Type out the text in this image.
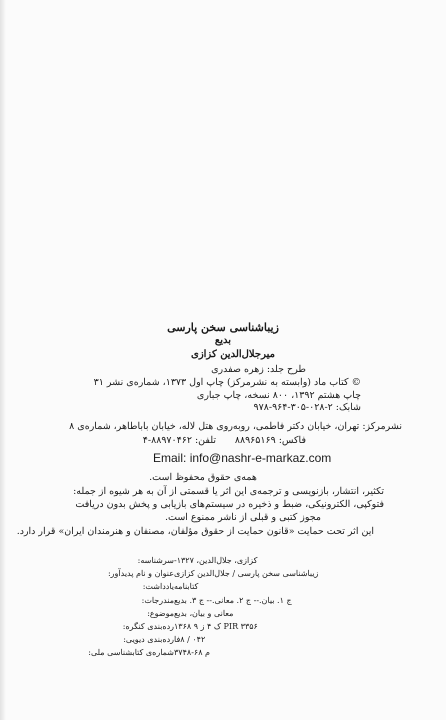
زیباشناسی سخن پارسی
بدیع
میرجلال‌الدین کزازی
طرح جلد: زهره صفدری
© کتاب ماد (وابسته به نشرمرکز) چاپ اول ۱۳۷۳، شماره‌ی نشر ۳۱
چاپ هشتم ۱۳۹۲، ۸۰۰ نسخه، چاپ جباری
شابک: ۲-۰۲۸-۳۰۵-۹۶۴-۹۷۸
نشرمرکز: تهران، خیابان دکتر فاطمی، روبه‌روی هتل لاله، خیابان باباطاهر، شماره‌ی ۸
تلفن: ۸۸۹۷۰۴۶۲-۴ فاکس: ۸۸۹۶۵۱۶۹
Email: info@nashr-e-markaz.com
همه‌ی حقوق محفوظ است.
تکثیر، انتشار، بازنویسی و ترجمه‌ی این اثر یا قسمتی از آن به هر شیوه از جمله:
فتوکپی، الکترونیکی، ضبط و ذخیره در سیستم‌های بازیابی و پخش بدون دریافت
مجوز کتبی و قبلی از ناشر ممنوع است.
این اثر تحت حمایت «قانون حمایت از حقوق مؤلفان، مصنفان و هنرمندان ایران» قرار دارد.
سرشناسه: کزازی، جلال‌الدین، ۱۳۲۷-
عنوان و نام پدیدآور: زیباشناسی سخن پارسی / جلال‌الدین کزازی
یادداشت: کتابنامه
مندرجات: ج ۱. بیان.-- ج ۲. معانی.-- ج ۳. بدیع
موضوع: معانی و بیان، بدیع
رده‌بندی کنگره: PIR ۳۳۵۶ ک ۴ ز ۹ ۱۳۶۸
رده‌بندی دیویی: ۰۴۲ / ۸فا
شماره‌ی کتابشناسی ملی: م ۶۸-۳۷۴۸
